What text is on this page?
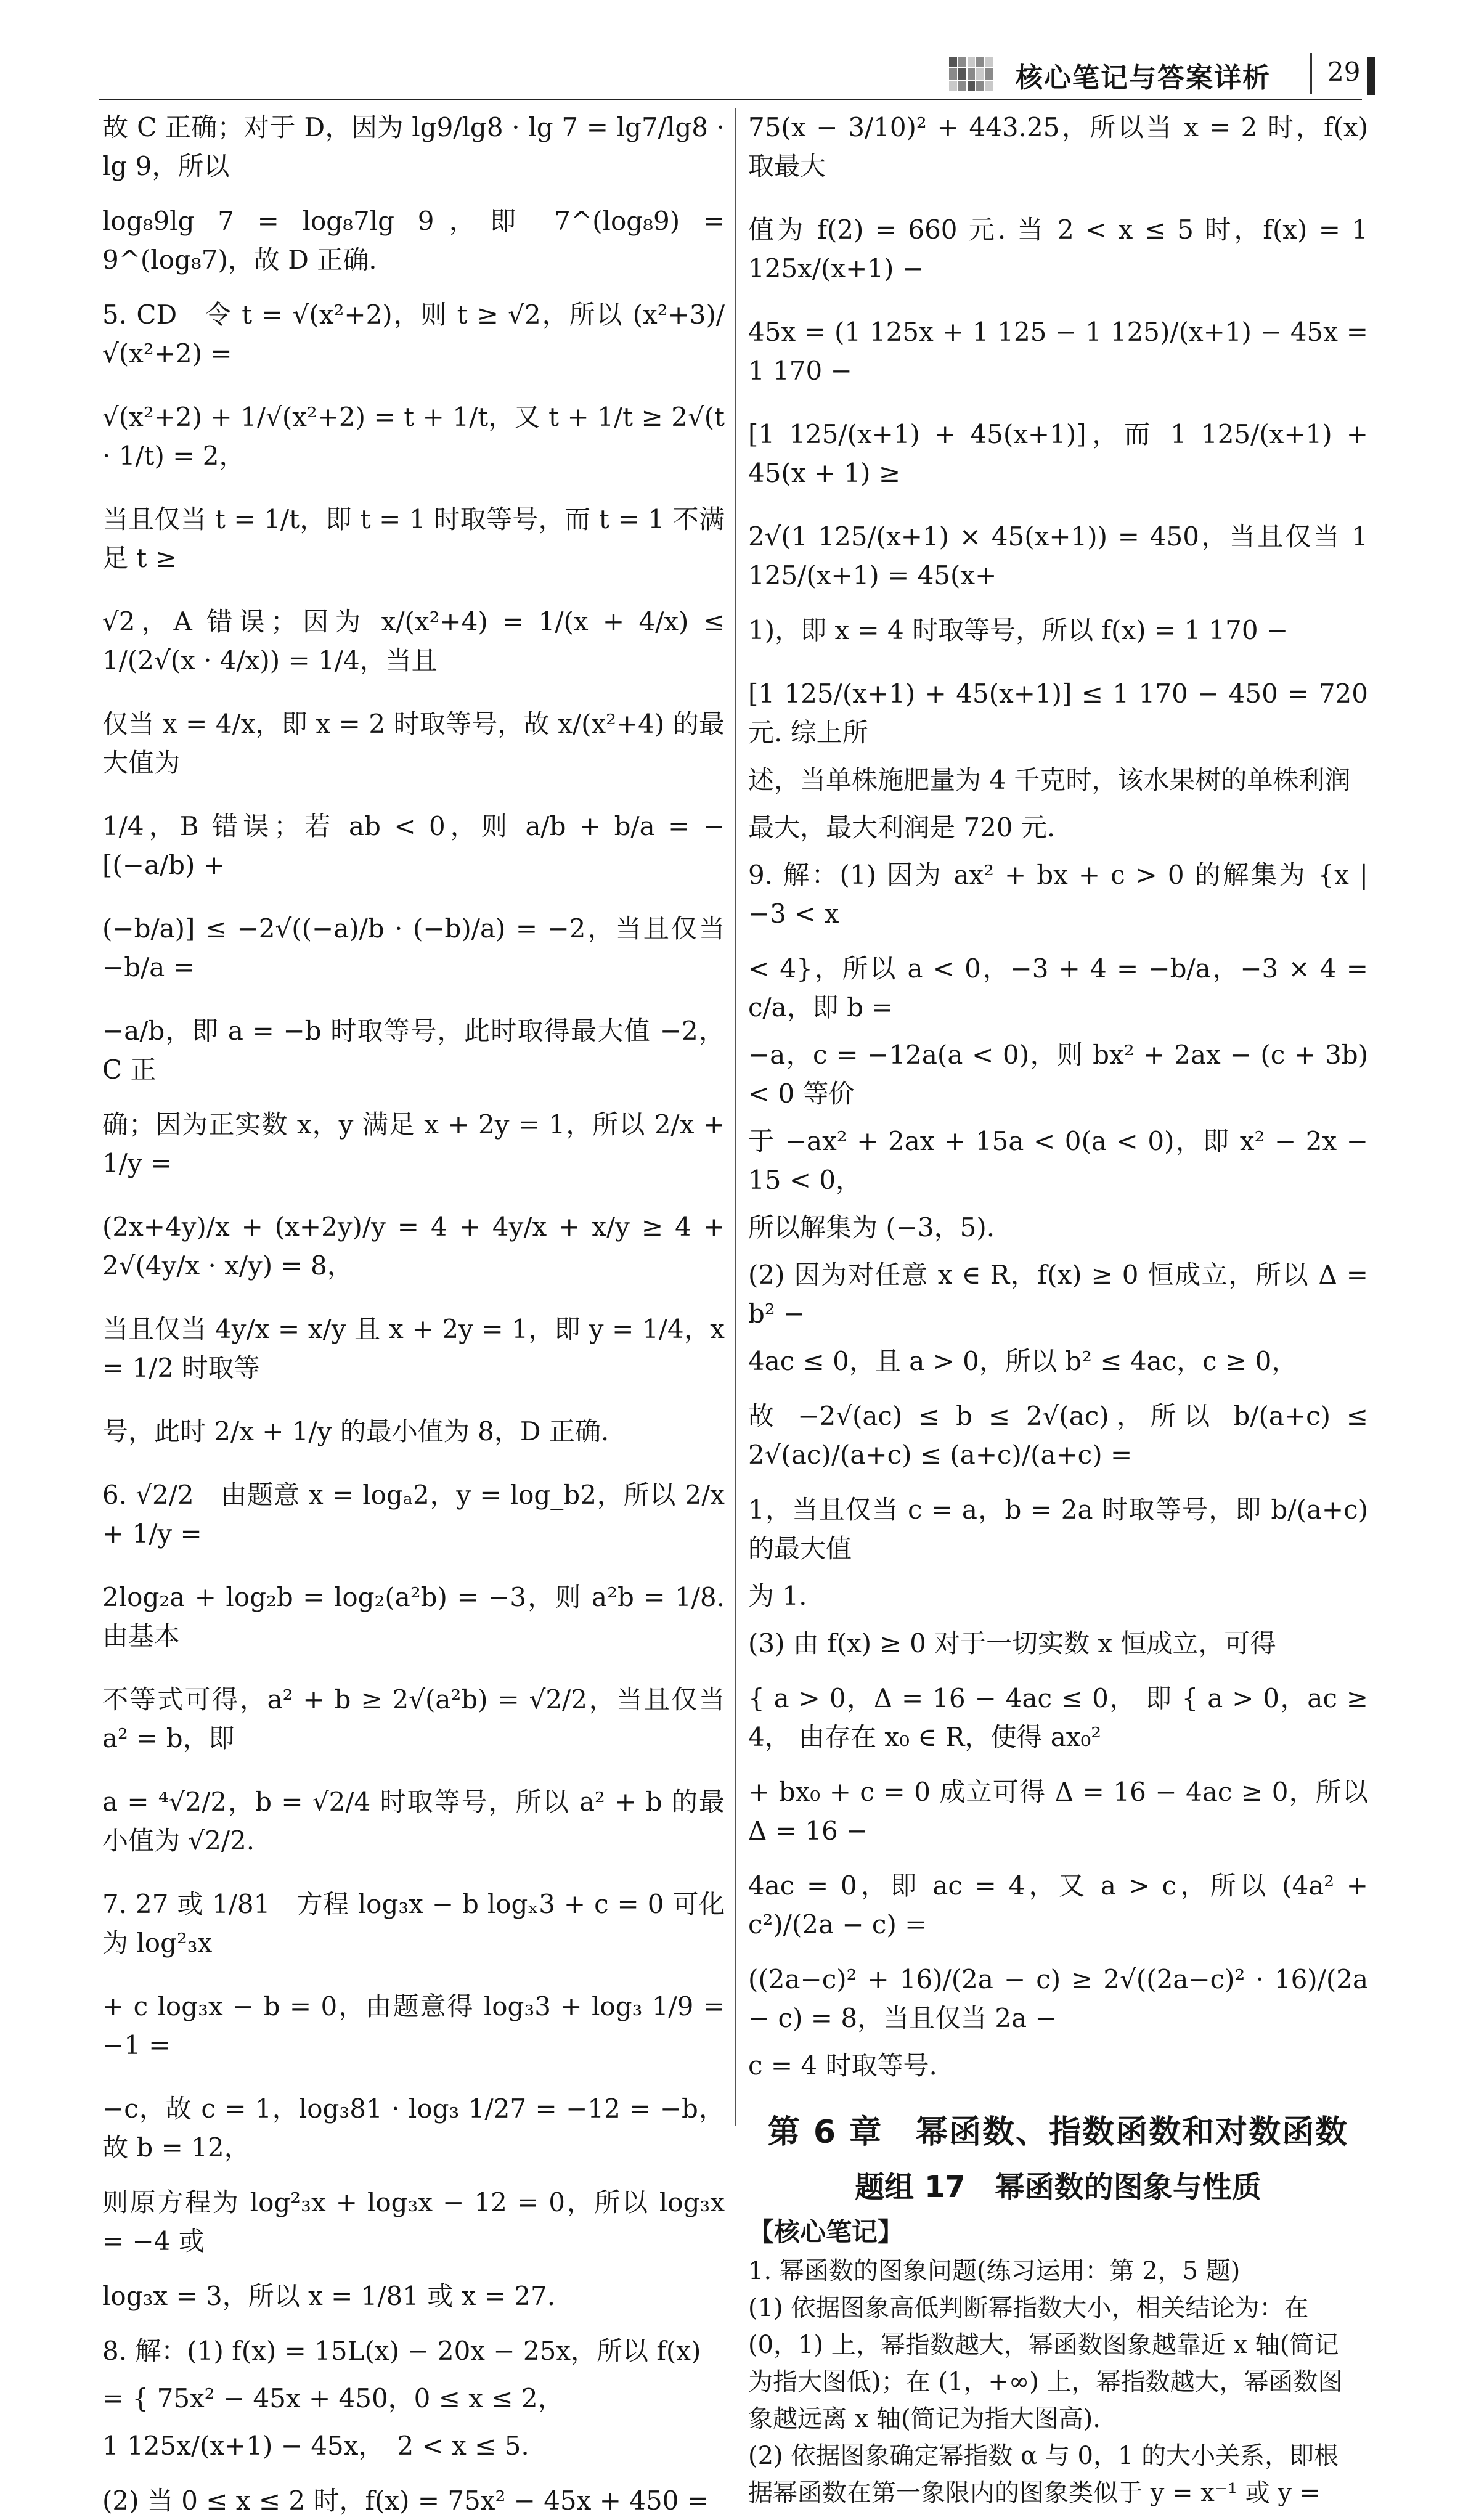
核心笔记与答案详析 29

故 C 正确；对于 D，因为 lg9/lg8 · lg 7 = lg7/lg8 · lg 9，所以

log₈9lg 7 = log₈7lg 9，即 7^(log₈9) = 9^(log₈7)，故 D 正确.

5. CD　令 t = √(x²+2)，则 t ≥ √2，所以 (x²+3)/√(x²+2) =

√(x²+2) + 1/√(x²+2) = t + 1/t，又 t + 1/t ≥ 2√(t · 1/t) = 2，

当且仅当 t = 1/t，即 t = 1 时取等号，而 t = 1 不满足 t ≥

√2，A 错误；因为 x/(x²+4) = 1/(x + 4/x) ≤ 1/(2√(x · 4/x)) = 1/4，当且

仅当 x = 4/x，即 x = 2 时取等号，故 x/(x²+4) 的最大值为

1/4，B 错误；若 ab < 0，则 a/b + b/a = −[(−a/b) +

(−b/a)] ≤ −2√((−a)/b · (−b)/a) = −2，当且仅当 −b/a =

−a/b，即 a = −b 时取等号，此时取得最大值 −2，C 正

确；因为正实数 x，y 满足 x + 2y = 1，所以 2/x + 1/y =

(2x+4y)/x + (x+2y)/y = 4 + 4y/x + x/y ≥ 4 + 2√(4y/x · x/y) = 8，

当且仅当 4y/x = x/y 且 x + 2y = 1，即 y = 1/4，x = 1/2 时取等

号，此时 2/x + 1/y 的最小值为 8，D 正确.

6. √2/2　由题意 x = logₐ2，y = log_b2，所以 2/x + 1/y =

2log₂a + log₂b = log₂(a²b) = −3，则 a²b = 1/8. 由基本

不等式可得，a² + b ≥ 2√(a²b) = √2/2，当且仅当 a² = b，即

a = ⁴√2/2，b = √2/4 时取等号，所以 a² + b 的最小值为 √2/2.

7. 27 或 1/81　方程 log₃x − b logₓ3 + c = 0 可化为 log²₃x

+ c log₃x − b = 0，由题意得 log₃3 + log₃ 1/9 = −1 =

−c，故 c = 1，log₃81 · log₃ 1/27 = −12 = −b，故 b = 12，

则原方程为 log²₃x + log₃x − 12 = 0，所以 log₃x = −4 或

log₃x = 3，所以 x = 1/81 或 x = 27.

8. 解：(1) f(x) = 15L(x) − 20x − 25x，所以 f(x)

= { 75x² − 45x + 450，0 ≤ x ≤ 2，

1 125x/(x+1) − 45x，　2 < x ≤ 5.

(2) 当 0 ≤ x ≤ 2 时，f(x) = 75x² − 45x + 450 =

75(x − 3/10)² + 443.25，所以当 x = 2 时，f(x) 取最大

值为 f(2) = 660 元. 当 2 < x ≤ 5 时，f(x) = 1 125x/(x+1) −

45x = (1 125x + 1 125 − 1 125)/(x+1) − 45x = 1 170 −

[1 125/(x+1) + 45(x+1)]，而 1 125/(x+1) + 45(x + 1) ≥

2√(1 125/(x+1) × 45(x+1)) = 450，当且仅当 1 125/(x+1) = 45(x+

1)，即 x = 4 时取等号，所以 f(x) = 1 170 −

[1 125/(x+1) + 45(x+1)] ≤ 1 170 − 450 = 720 元. 综上所

述，当单株施肥量为 4 千克时，该水果树的单株利润

最大，最大利润是 720 元.

9. 解：(1) 因为 ax² + bx + c > 0 的解集为 {x | −3 < x

< 4}，所以 a < 0，−3 + 4 = −b/a，−3 × 4 = c/a，即 b =

−a，c = −12a(a < 0)，则 bx² + 2ax − (c + 3b) < 0 等价

于 −ax² + 2ax + 15a < 0(a < 0)，即 x² − 2x − 15 < 0，

所以解集为 (−3，5).

(2) 因为对任意 x ∈ R，f(x) ≥ 0 恒成立，所以 Δ = b² −

4ac ≤ 0，且 a > 0，所以 b² ≤ 4ac，c ≥ 0，

故 −2√(ac) ≤ b ≤ 2√(ac)，所以 b/(a+c) ≤ 2√(ac)/(a+c) ≤ (a+c)/(a+c) =

1，当且仅当 c = a，b = 2a 时取等号，即 b/(a+c) 的最大值

为 1.

(3) 由 f(x) ≥ 0 对于一切实数 x 恒成立，可得

{ a > 0，Δ = 16 − 4ac ≤ 0， 即 { a > 0，ac ≥ 4， 由存在 x₀ ∈ R，使得 ax₀²

+ bx₀ + c = 0 成立可得 Δ = 16 − 4ac ≥ 0，所以 Δ = 16 −

4ac = 0，即 ac = 4，又 a > c，所以 (4a² + c²)/(2a − c) =

((2a−c)² + 16)/(2a − c) ≥ 2√((2a−c)² · 16)/(2a − c) = 8，当且仅当 2a −

c = 4 时取等号.

第 6 章　幂函数、指数函数和对数函数
题组 17　幂函数的图象与性质
【核心笔记】

1. 幂函数的图象问题(练习运用：第 2，5 题)

(1) 依据图象高低判断幂指数大小，相关结论为：在

(0，1) 上，幂指数越大，幂函数图象越靠近 x 轴(简记

为指大图低)；在 (1，+∞) 上，幂指数越大，幂函数图

象越远离 x 轴(简记为指大图高).

(2) 依据图象确定幂指数 α 与 0，1 的大小关系，即根

据幂函数在第一象限内的图象类似于 y = x⁻¹ 或 y =
